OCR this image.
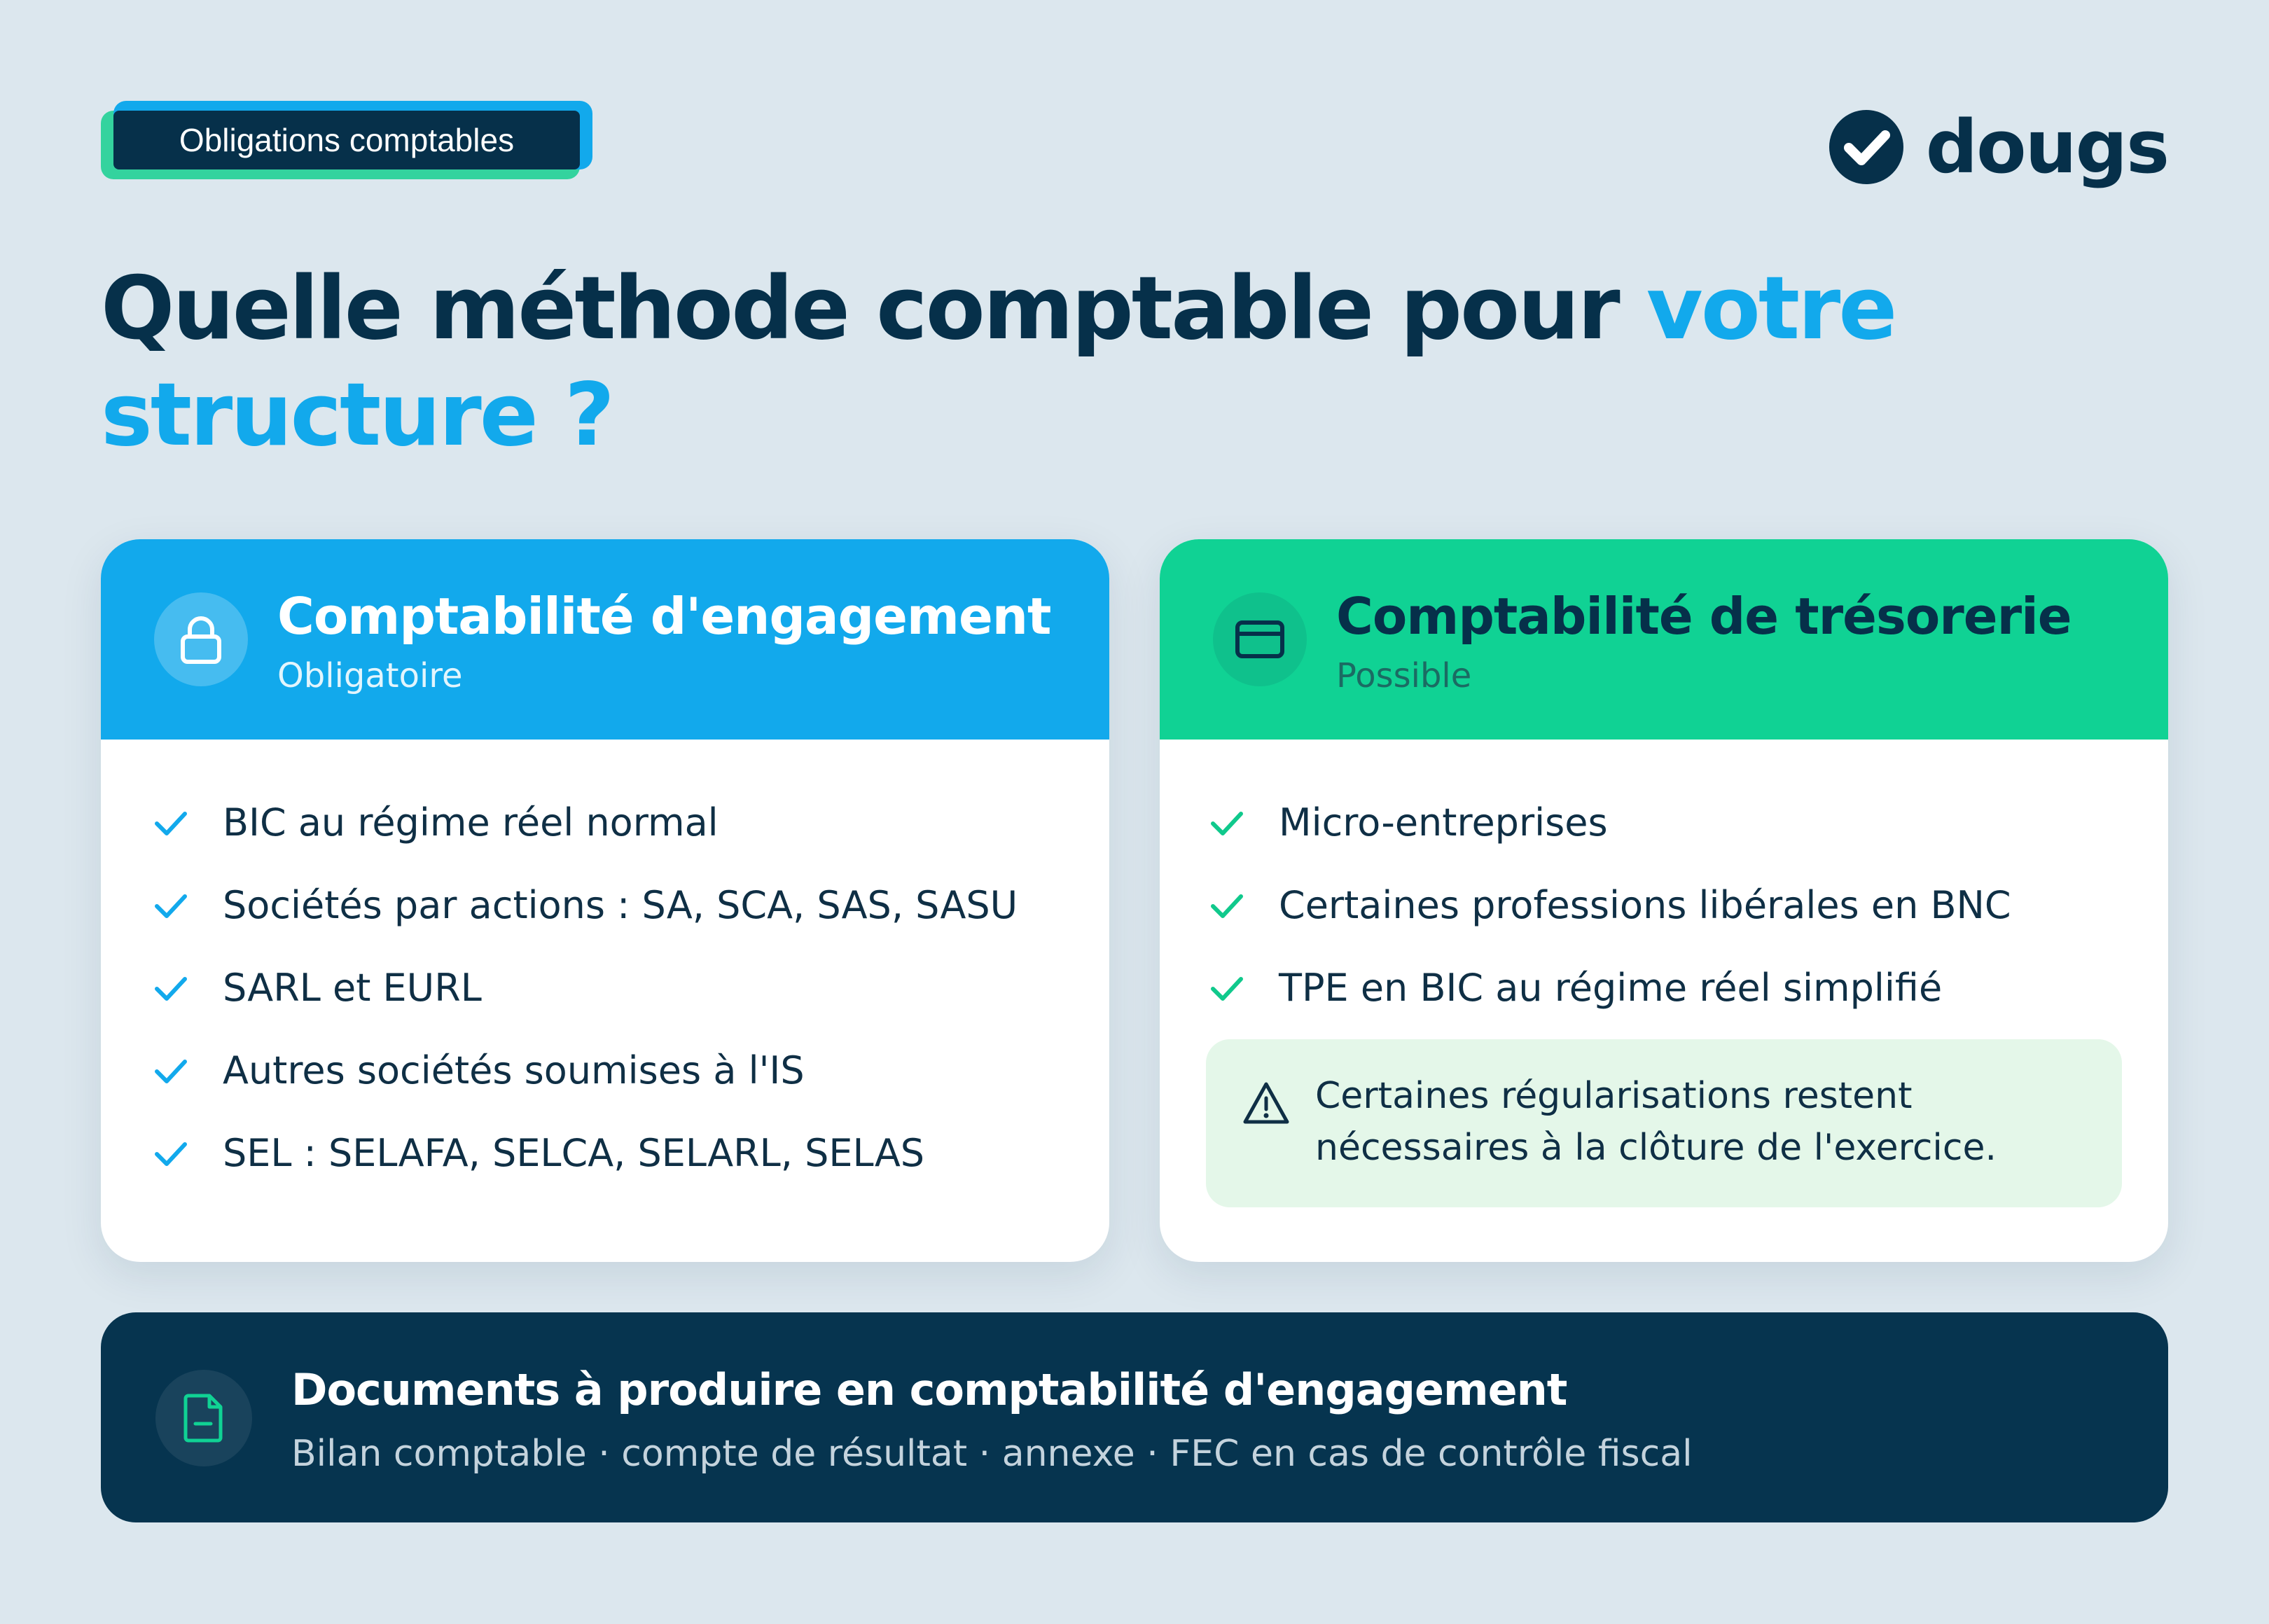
Obligations comptables	dougs
Quelle méthode comptable pour votre structure ?
Comptabilité d'engagement
Obligatoire
BIC au régime réel normal
Sociétés par actions : SA, SCA, SAS, SASU
SARL et EURL
Autres sociétés soumises à l'IS
SEL : SELAFA, SELCA, SELARL, SELAS
Comptabilité de trésorerie
Possible
Micro-entreprises
Certaines professions libérales en BNC
TPE en BIC au régime réel simplifié
Certaines régularisations restent nécessaires à la clôture de l'exercice.
Documents à produire en comptabilité d'engagement
Bilan comptable · compte de résultat · annexe · FEC en cas de contrôle fiscal
